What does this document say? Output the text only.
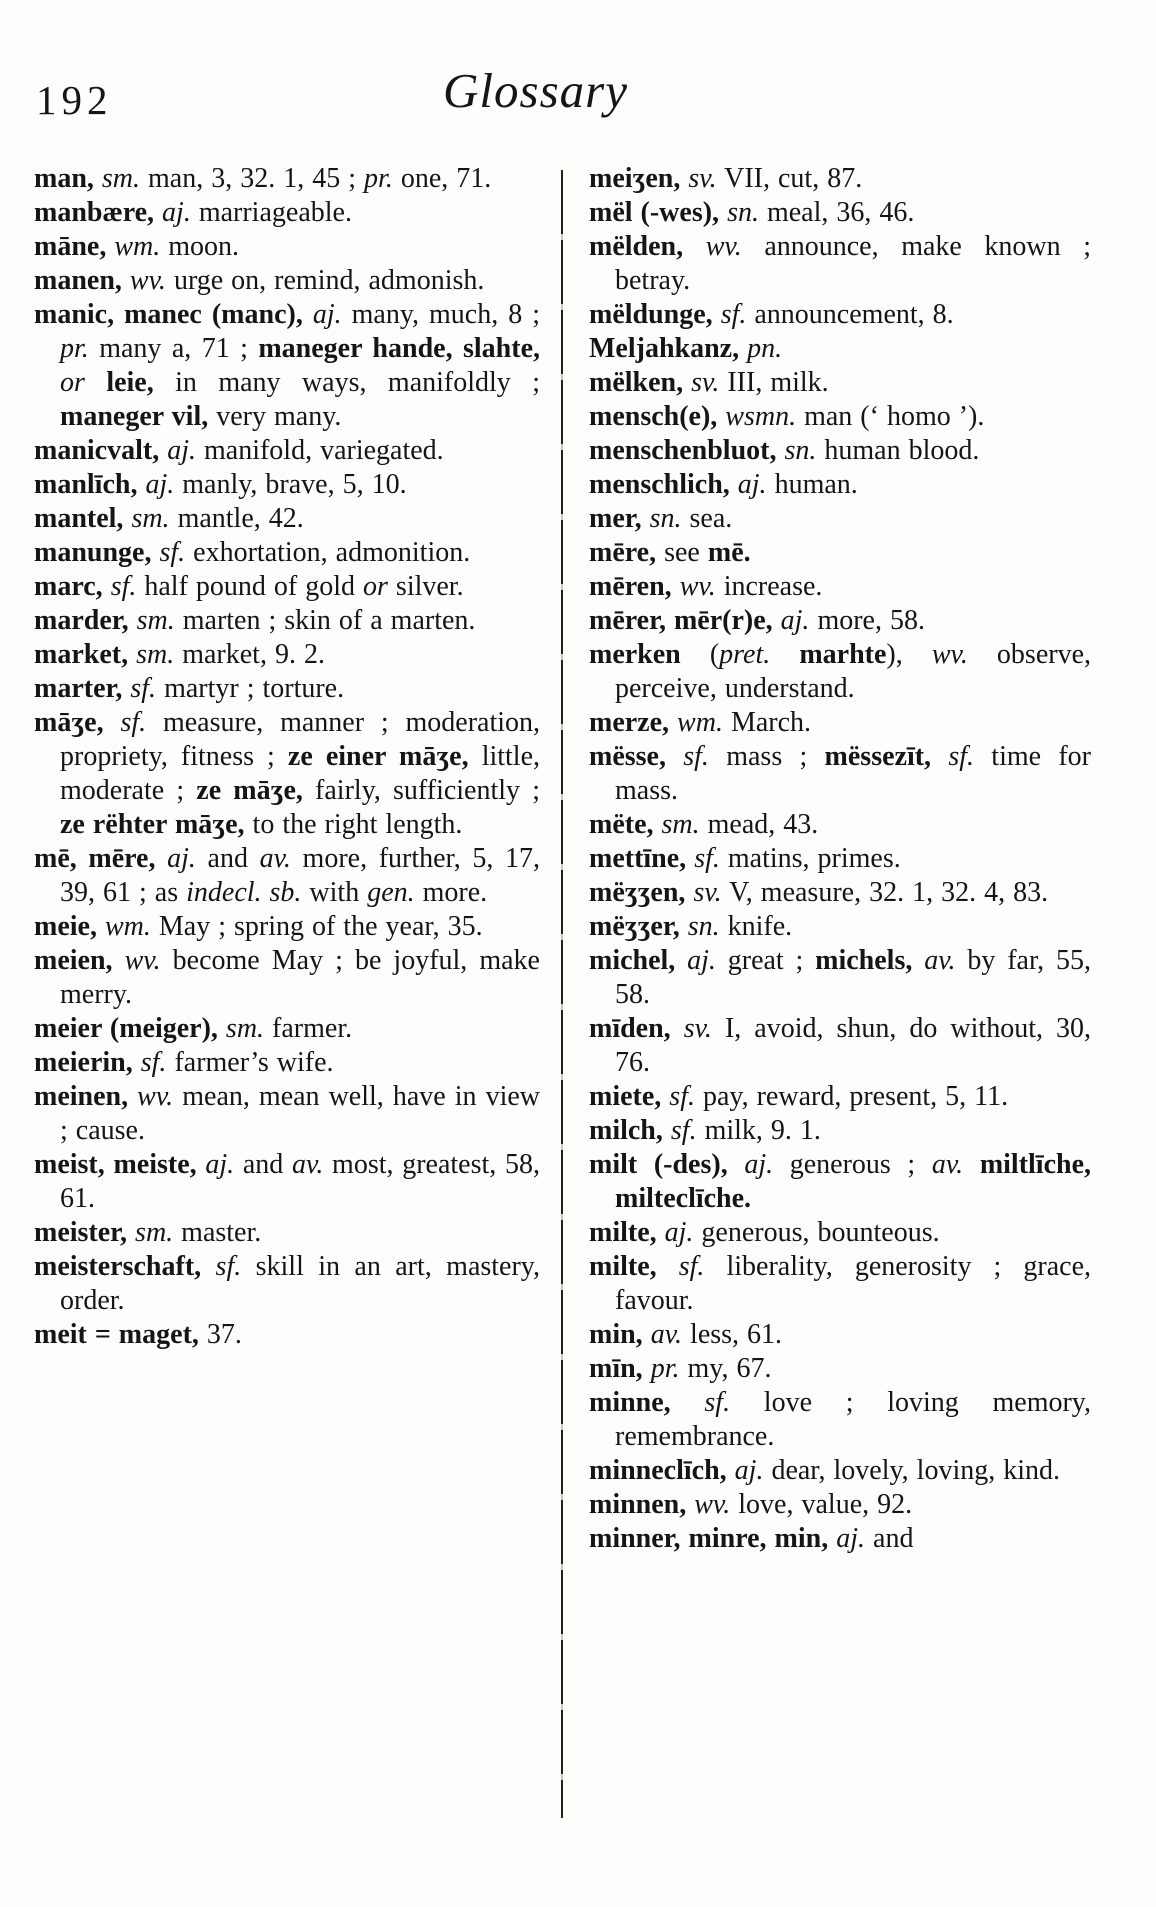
192	Glossary
man, sm. man, 3, 32. 1, 45 ; pr. one, 71.
manbære, aj. marriageable.
māne, wm. moon.
manen, wv. urge on, remind, admonish.
manic, manec (manc), aj. many, much, 8 ; pr. many a, 71 ; maneger hande, slahte, or leie, in many ways, manifoldly ; maneger vil, very many.
manicvalt, aj. manifold, variegated.
manlīch, aj. manly, brave, 5, 10.
mantel, sm. mantle, 42.
manunge, sf. exhortation, admonition.
marc, sf. half pound of gold or silver.
marder, sm. marten ; skin of a marten.
market, sm. market, 9. 2.
marter, sf. martyr ; torture.
māʒe, sf. measure, manner ; moderation, propriety, fitness ; ze einer māʒe, little, moderate ; ze māʒe, fairly, sufficiently ; ze rëhter māʒe, to the right length.
mē, mēre, aj. and av. more, further, 5, 17, 39, 61 ; as indecl. sb. with gen. more.
meie, wm. May ; spring of the year, 35.
meien, wv. become May ; be joyful, make merry.
meier (meiger), sm. farmer.
meierin, sf. farmer’s wife.
meinen, wv. mean, mean well, have in view ; cause.
meist, meiste, aj. and av. most, greatest, 58, 61.
meister, sm. master.
meisterschaft, sf. skill in an art, mastery, order.
meit = maget, 37.
meiʒen, sv. VII, cut, 87.
mël (-wes), sn. meal, 36, 46.
mëlden, wv. announce, make known ; betray.
mëldunge, sf. announcement, 8.
Meljahkanz, pn.
mëlken, sv. III, milk.
mensch(e), wsmn. man (‘ homo ’).
menschenbluot, sn. human blood.
menschlich, aj. human.
mer, sn. sea.
mēre, see mē.
mēren, wv. increase.
mērer, mēr(r)e, aj. more, 58.
merken (pret. marhte), wv. observe, perceive, understand.
merze, wm. March.
mësse, sf. mass ; mëssezīt, sf. time for mass.
mëte, sm. mead, 43.
mettīne, sf. matins, primes.
mëʒʒen, sv. V, measure, 32. 1, 32. 4, 83.
mëʒʒer, sn. knife.
michel, aj. great ; michels, av. by far, 55, 58.
mīden, sv. I, avoid, shun, do without, 30, 76.
miete, sf. pay, reward, present, 5, 11.
milch, sf. milk, 9. 1.
milt (-des), aj. generous ; av. miltlīche, milteclīche.
milte, aj. generous, bounteous.
milte, sf. liberality, generosity ; grace, favour.
min, av. less, 61.
mīn, pr. my, 67.
minne, sf. love ; loving memory, remembrance.
minneclīch, aj. dear, lovely, loving, kind.
minnen, wv. love, value, 92.
minner, minre, min, aj. and
